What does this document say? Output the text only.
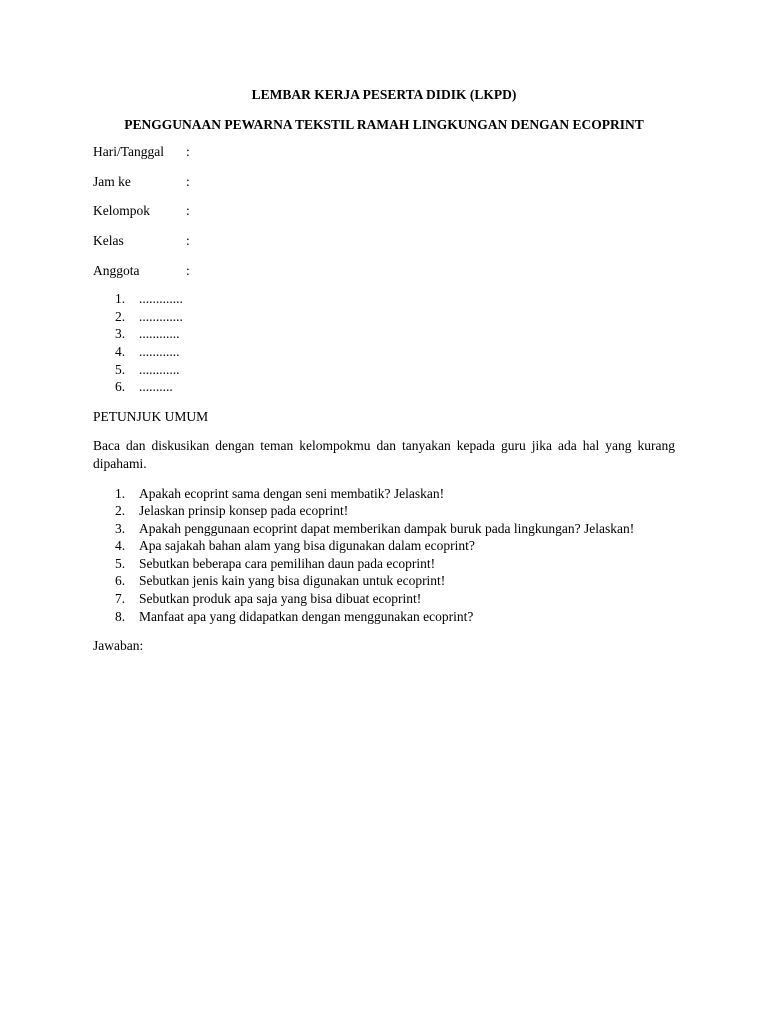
LEMBAR KERJA PESERTA DIDIK (LKPD)

PENGGUNAAN PEWARNA TEKSTIL RAMAH LINGKUNGAN DENGAN ECOPRINT

Hari/Tanggal	:
Jam ke	:
Kelompok	:
Kelas	:
Anggota	:
1.	.............
2.	.............
3.	............
4.	............
5.	............
6.	..........

PETUNJUK UMUM

Baca dan diskusikan dengan teman kelompokmu dan tanyakan kepada guru jika ada hal yang kurang dipahami.

1.	Apakah ecoprint sama dengan seni membatik? Jelaskan!
2.	Jelaskan prinsip konsep pada ecoprint!
3.	Apakah penggunaan ecoprint dapat memberikan dampak buruk pada lingkungan? Jelaskan!
4.	Apa sajakah bahan alam yang bisa digunakan dalam ecoprint?
5.	Sebutkan beberapa cara pemilihan daun pada ecoprint!
6.	Sebutkan jenis kain yang bisa digunakan untuk ecoprint!
7.	Sebutkan produk apa saja yang bisa dibuat ecoprint!
8.	Manfaat apa yang didapatkan dengan menggunakan ecoprint?

Jawaban:
